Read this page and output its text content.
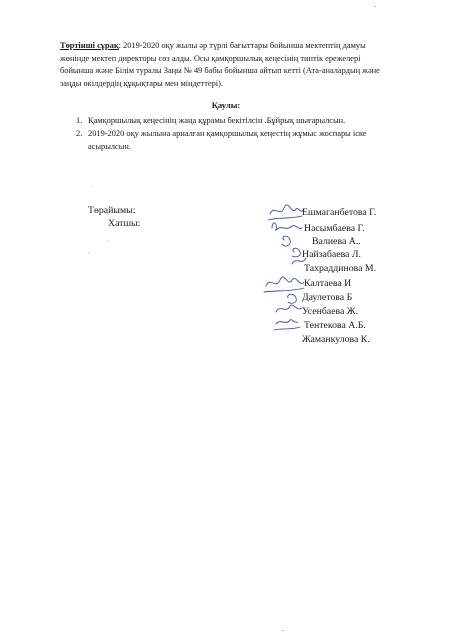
Төртінші сұрақ: 2019-2020 оқу жылы әр түрлі бағыттары бойынша мектептің дамуы жөнінде мектеп директоры сөз алды. Осы қамқоршылық кеңесінің типтік ережелері бойынша және Білім туралы Заңы № 49 бабы бойынша айтып кетті (Ата-аналардың және заңды өкілдердің құқықтары мен міндеттері).

Қаулы:

1. Қамқоршылық кеңесінің жаңа құрамы бекітілсін .Бұйрық шығарылсын.
2. 2019-2020 оқу жылына арналған қамқоршылық кеңестің жұмыс жоспары іске асырылсын.

Төрайымы:

Хатшы:

Ешмаганбетова Г.
Насымбаева Г.
Валиева А..
Найзабаева Л.
Тахраддинова М.
Калтаева И
Даулетова Б
Усенбаева Ж.
Тентекова А.Б.
Жаманкулова К.
